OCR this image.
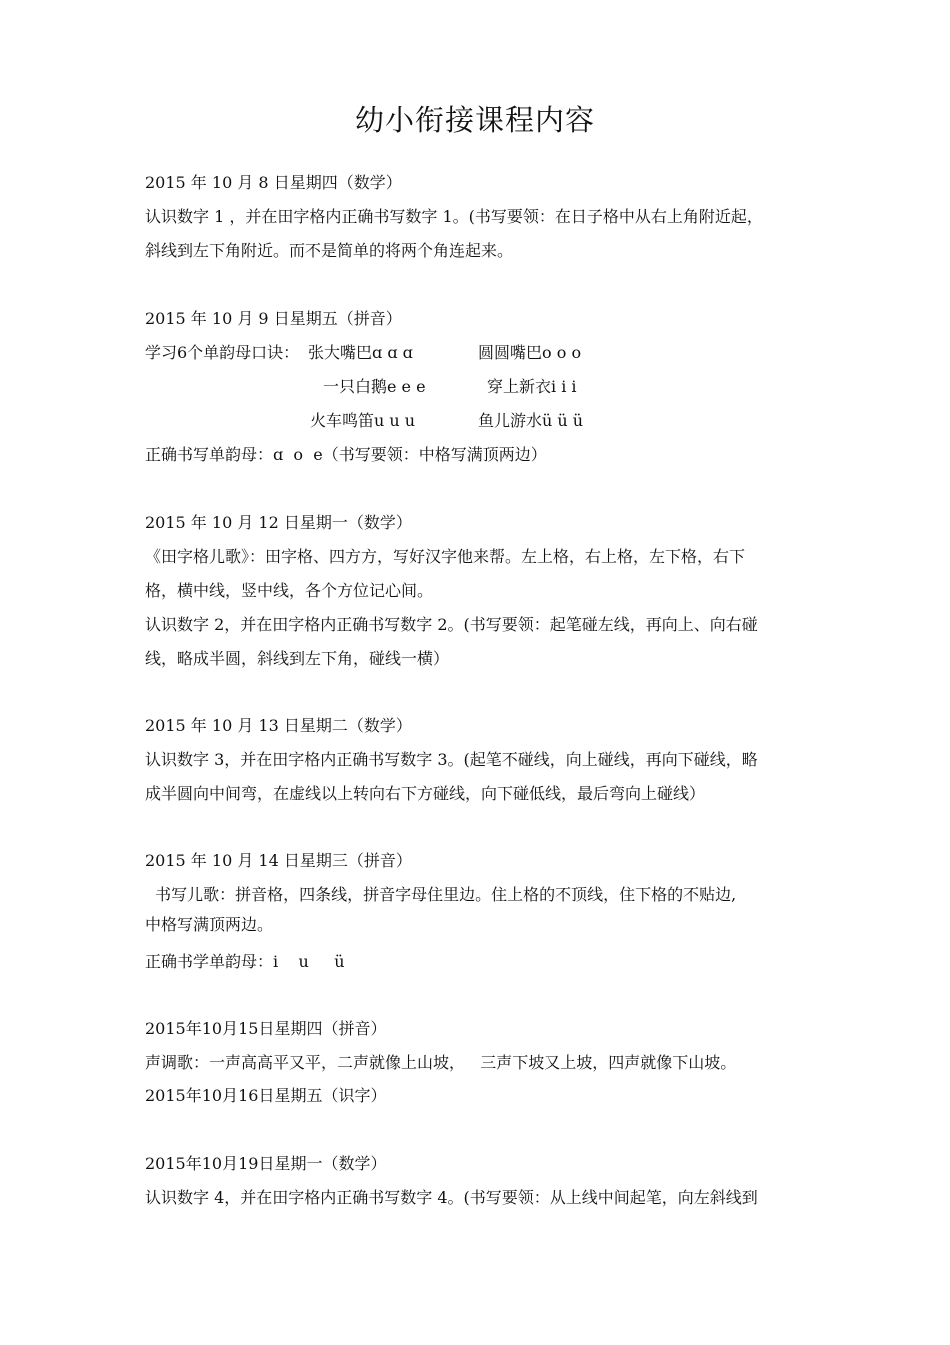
幼小衔接课程内容
2015 年 10 月 8 日星期四（数学）
认识数字 1 ，并在田字格内正确书写数字 1。(书写要领：在日子格中从右上角附近起，
斜线到左下角附近。而不是简单的将两个角连起来。
2015 年 10 月 9 日星期五（拼音）
学习6个单韵母口诀： 张大嘴巴ɑ ɑ ɑ	圆圆嘴巴o o o
一只白鹅e e e	穿上新衣i i i
火车鸣笛u u u	鱼儿游水ü ü ü
正确书写单韵母：ɑ  o  e（书写要领：中格写满顶两边）
2015 年 10 月 12 日星期一（数学）
《田字格儿歌》：田字格、四方方，写好汉字他来帮。左上格，右上格，左下格，右下
格，横中线，竖中线，各个方位记心间。
认识数字 2，并在田字格内正确书写数字 2。(书写要领：起笔碰左线，再向上、向右碰
线，略成半圆，斜线到左下角，碰线一横）
2015 年 10 月 13 日星期二（数学）
认识数字 3，并在田字格内正确书写数字 3。(起笔不碰线，向上碰线，再向下碰线，略
成半圆向中间弯，在虚线以上转向右下方碰线，向下碰低线，最后弯向上碰线）
2015 年 10 月 14 日星期三（拼音）
书写儿歌：拼音格，四条线，拼音字母住里边。住上格的不顶线，住下格的不贴边,
中格写满顶两边。
正确书学单韵母：i    u     ü
2015年10月15日星期四（拼音）
声调歌：一声高高平又平，二声就像上山坡，   三声下坡又上坡，四声就像下山坡。
2015年10月16日星期五（识字）
2015年10月19日星期一（数学）
认识数字 4，并在田字格内正确书写数字 4。(书写要领：从上线中间起笔，向左斜线到
